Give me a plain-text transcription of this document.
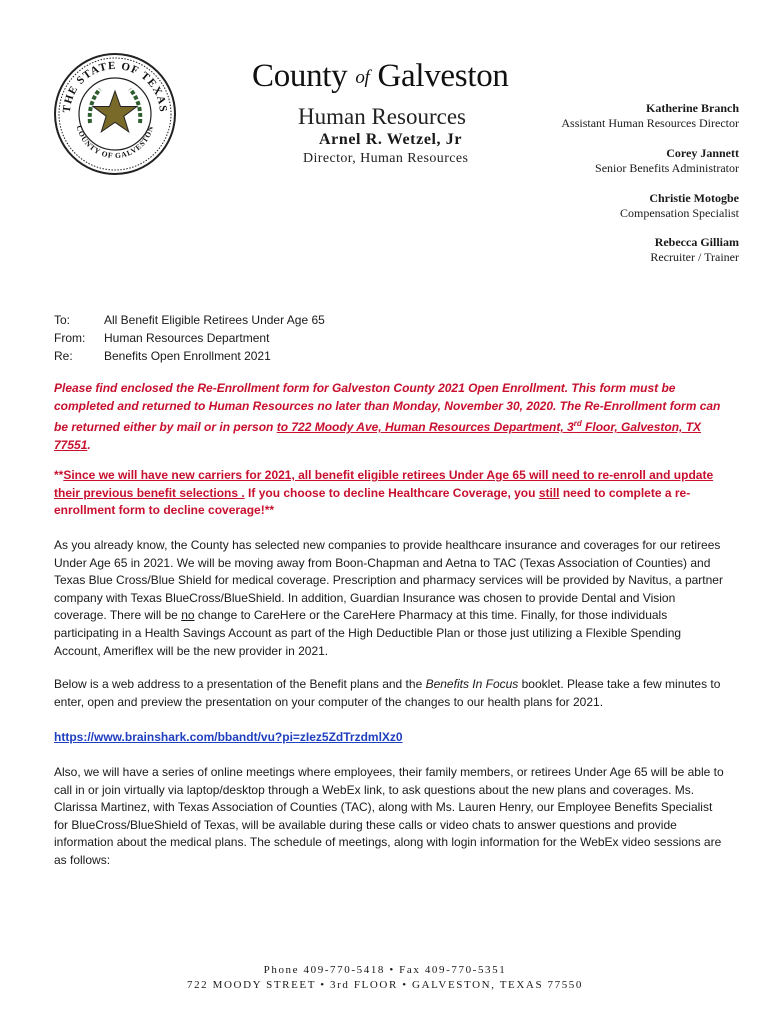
THE STATE OF TEXAS
COUNTY OF GALVESTON
County of Galveston
Human Resources
Arnel R. Wetzel, Jr
Director, Human Resources
Katherine Branch
Assistant Human Resources Director
Corey Jannett
Senior Benefits Administrator
Christie Motogbe
Compensation Specialist
Rebecca Gilliam
Recruiter / Trainer
To:	All Benefit Eligible Retirees Under Age 65
From:	Human Resources Department
Re:	Benefits Open Enrollment 2021

Please find enclosed the Re-Enrollment form for Galveston County 2021 Open Enrollment. This form must be completed and returned to Human Resources no later than Monday, November 30, 2020. The Re-Enrollment form can be returned either by mail or in person to 722 Moody Ave, Human Resources Department, 3rd Floor, Galveston, TX 77551.

**Since we will have new carriers for 2021, all benefit eligible retirees Under Age 65 will need to re-enroll and update their previous benefit selections . If you choose to decline Healthcare Coverage, you still need to complete a re-enrollment form to decline coverage!**

As you already know, the County has selected new companies to provide healthcare insurance and coverages for our retirees Under Age 65 in 2021. We will be moving away from Boon-Chapman and Aetna to TAC (Texas Association of Counties) and Texas Blue Cross/Blue Shield for medical coverage. Prescription and pharmacy services will be provided by Navitus, a partner company with Texas BlueCross/BlueShield. In addition, Guardian Insurance was chosen to provide Dental and Vision coverage. There will be no change to CareHere or the CareHere Pharmacy at this time. Finally, for those individuals participating in a Health Savings Account as part of the High Deductible Plan or those just utilizing a Flexible Spending Account, Ameriflex will be the new provider in 2021.

Below is a web address to a presentation of the Benefit plans and the Benefits In Focus booklet. Please take a few minutes to enter, open and preview the presentation on your computer of the changes to our health plans for 2021.

https://www.brainshark.com/bbandt/vu?pi=zIez5ZdTrzdmlXz0

Also, we will have a series of online meetings where employees, their family members, or retirees Under Age 65 will be able to call in or join virtually via laptop/desktop through a WebEx link, to ask questions about the new plans and coverages. Ms. Clarissa Martinez, with Texas Association of Counties (TAC), along with Ms. Lauren Henry, our Employee Benefits Specialist for BlueCross/BlueShield of Texas, will be available during these calls or video chats to answer questions and provide information about the medical plans. The schedule of meetings, along with login information for the WebEx video sessions are as follows:

Phone 409-770-5418 • Fax 409-770-5351
722 MOODY STREET • 3rd FLOOR • GALVESTON, TEXAS 77550
